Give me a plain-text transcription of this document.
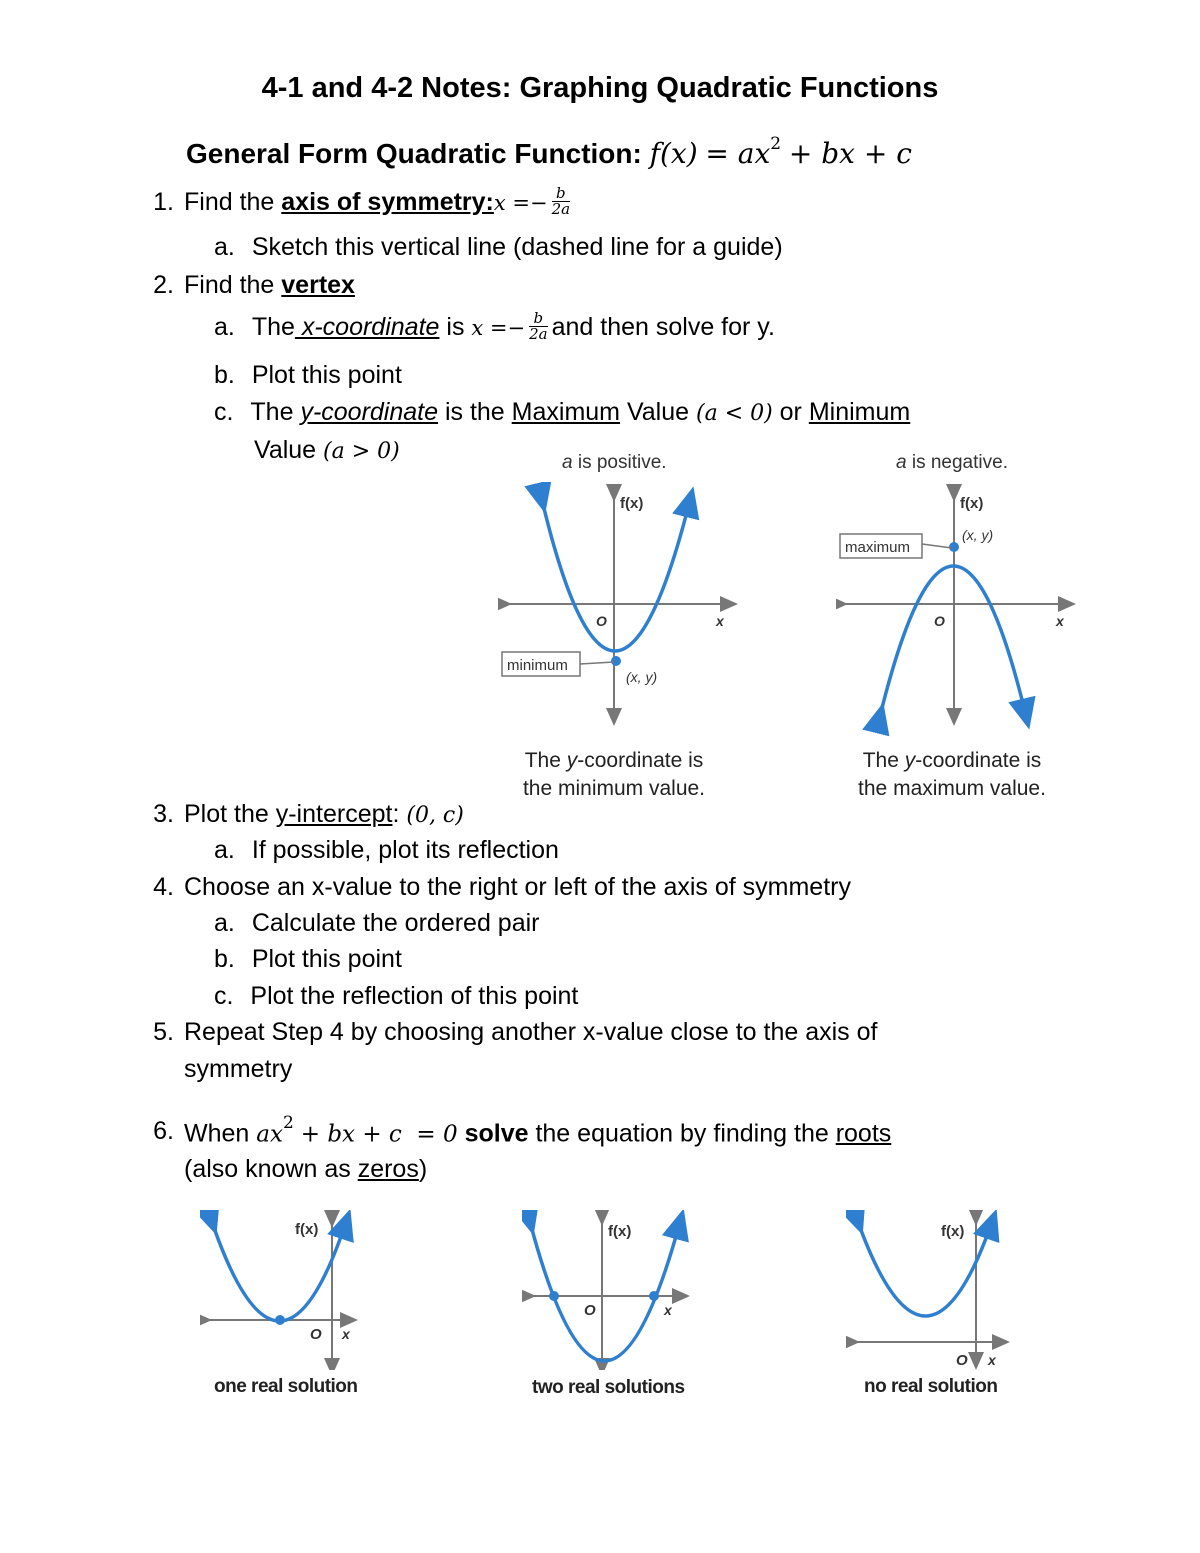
4-1 and 4-2 Notes: Graphing Quadratic Functions
General Form Quadratic Function: $f(x) = ax^2$ + bx + c
1. Find the axis of symmetry:x =− $\frac{b}{2a}$
a. Sketch this vertical line (dashed line for a guide)
2. Find the vertex
a. The x-coordinate is $x =- \frac{b}{2a}$ and then solve for y.
b. Plot this point
c. The y-coordinate is the Maximum Value (a < 0) or Minimum
Value (a > 0)	a is positive.
f(x)
O	x
minimum
(x, y)
The y-coordinate is
the minimum value.
a is negative.
f(x)
O	x
maximum
(x, y)
The y-coordinate is
the maximum value.
3. Plot the y-intercept: (0, c)
a. If possible, plot its reflection
4. Choose an x-value to the right or left of the axis of symmetry
a. Calculate the ordered pair
b. Plot this point
c. Plot the reflection of this point
5. Repeat Step 4 by choosing another x-value close to the axis of
symmetry
6. When $ax^2$ + bx + c  = 0 solve the equation by finding the roots
(also known as zeros)
f(x)
O x
one real solution
f(x)
O	x
two real solutions
f(x)
O x
no real solution
